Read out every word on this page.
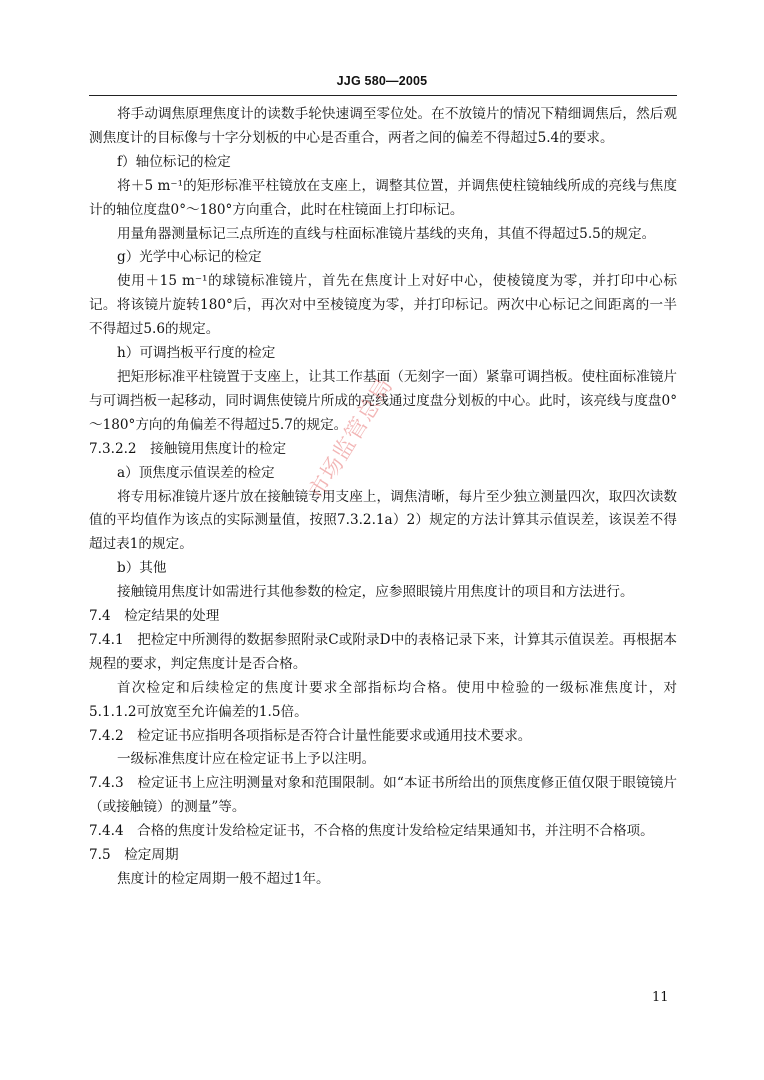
JJG 580—2005

将手动调焦原理焦度计的读数手轮快速调至零位处。在不放镜片的情况下精细调焦后，然后观测焦度计的目标像与十字分划板的中心是否重合，两者之间的偏差不得超过5.4的要求。

f）轴位标记的检定

将＋5 m⁻¹的矩形标准平柱镜放在支座上，调整其位置，并调焦使柱镜轴线所成的亮线与焦度计的轴位度盘0°～180°方向重合，此时在柱镜面上打印标记。

用量角器测量标记三点所连的直线与柱面标准镜片基线的夹角，其值不得超过5.5的规定。

g）光学中心标记的检定

使用＋15 m⁻¹的球镜标准镜片，首先在焦度计上对好中心，使棱镜度为零，并打印中心标记。将该镜片旋转180°后，再次对中至棱镜度为零，并打印标记。两次中心标记之间距离的一半不得超过5.6的规定。

h）可调挡板平行度的检定

把矩形标准平柱镜置于支座上，让其工作基面（无刻字一面）紧靠可调挡板。使柱面标准镜片与可调挡板一起移动，同时调焦使镜片所成的亮线通过度盘分划板的中心。此时，该亮线与度盘0°～180°方向的角偏差不得超过5.7的规定。

7.3.2.2　接触镜用焦度计的检定

a）顶焦度示值误差的检定

将专用标准镜片逐片放在接触镜专用支座上，调焦清晰，每片至少独立测量四次，取四次读数值的平均值作为该点的实际测量值，按照7.3.2.1a）2）规定的方法计算其示值误差，该误差不得超过表1的规定。

b）其他

接触镜用焦度计如需进行其他参数的检定，应参照眼镜片用焦度计的项目和方法进行。

7.4　检定结果的处理

7.4.1　把检定中所测得的数据参照附录C或附录D中的表格记录下来，计算其示值误差。再根据本规程的要求，判定焦度计是否合格。

首次检定和后续检定的焦度计要求全部指标均合格。使用中检验的一级标准焦度计，对5.1.1.2可放宽至允许偏差的1.5倍。

7.4.2　检定证书应指明各项指标是否符合计量性能要求或通用技术要求。

一级标准焦度计应在检定证书上予以注明。

7.4.3　检定证书上应注明测量对象和范围限制。如“本证书所给出的顶焦度修正值仅限于眼镜镜片（或接触镜）的测量”等。

7.4.4　合格的焦度计发给检定证书，不合格的焦度计发给检定结果通知书，并注明不合格项。

7.5　检定周期

焦度计的检定周期一般不超过1年。

市场监管总局
11
